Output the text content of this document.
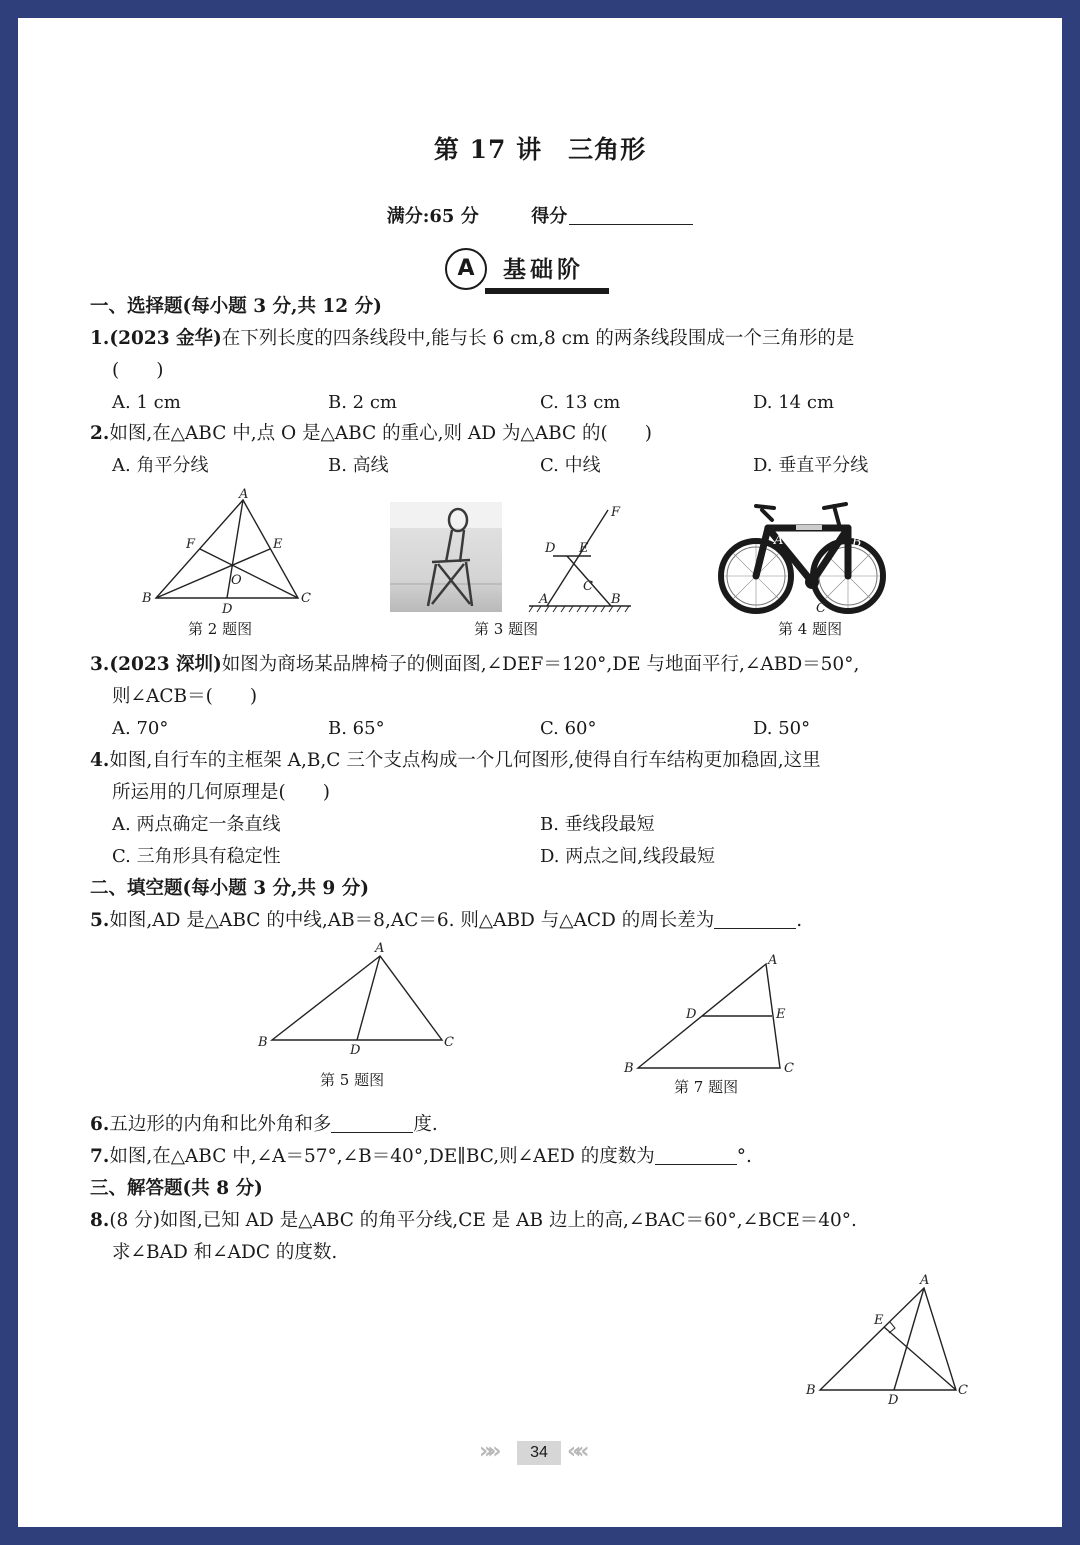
第 17 讲　三角形
满分:65 分	得分
A	基础阶
一、选择题(每小题 3 分,共 12 分)
1.(2023 金华)在下列长度的四条线段中,能与长 6 cm,8 cm 的两条线段围成一个三角形的是
(　　)
A. 1 cm	B. 2 cm	C. 13 cm	D. 14 cm
2.如图,在△ABC 中,点 O 是△ABC 的重心,则 AD 为△ABC 的(　　)
A. 角平分线	B. 高线	C. 中线	D. 垂直平分线
A
B	C
D
E
F
O
第 2 题图
F
D E
C
A	B
第 3 题图
A	B
C
第 4 题图
3.(2023 深圳)如图为商场某品牌椅子的侧面图,∠DEF＝120°,DE 与地面平行,∠ABD＝50°,
则∠ACB＝(　　)
A. 70°	B. 65°	C. 60°	D. 50°
4.如图,自行车的主框架 A,B,C 三个支点构成一个几何图形,使得自行车结构更加稳固,这里
所运用的几何原理是(　　)
A. 两点确定一条直线	B. 垂线段最短
C. 三角形具有稳定性	D. 两点之间,线段最短
二、填空题(每小题 3 分,共 9 分)
5.如图,AD 是△ABC 的中线,AB＝8,AC＝6. 则△ABD 与△ACD 的周长差为	.
A
B	C
D
第 5 题图
A
B	C
D	E
第 7 题图
6.五边形的内角和比外角和多	度.
7.如图,在△ABC 中,∠A＝57°,∠B＝40°,DE∥BC,则∠AED 的度数为	°.
三、解答题(共 8 分)
8.(8 分)如图,已知 AD 是△ABC 的角平分线,CE 是 AB 边上的高,∠BAC＝60°,∠BCE＝40°.
求∠BAD 和∠ADC 的度数.
A
B	C
D
E
»»	34 ««
